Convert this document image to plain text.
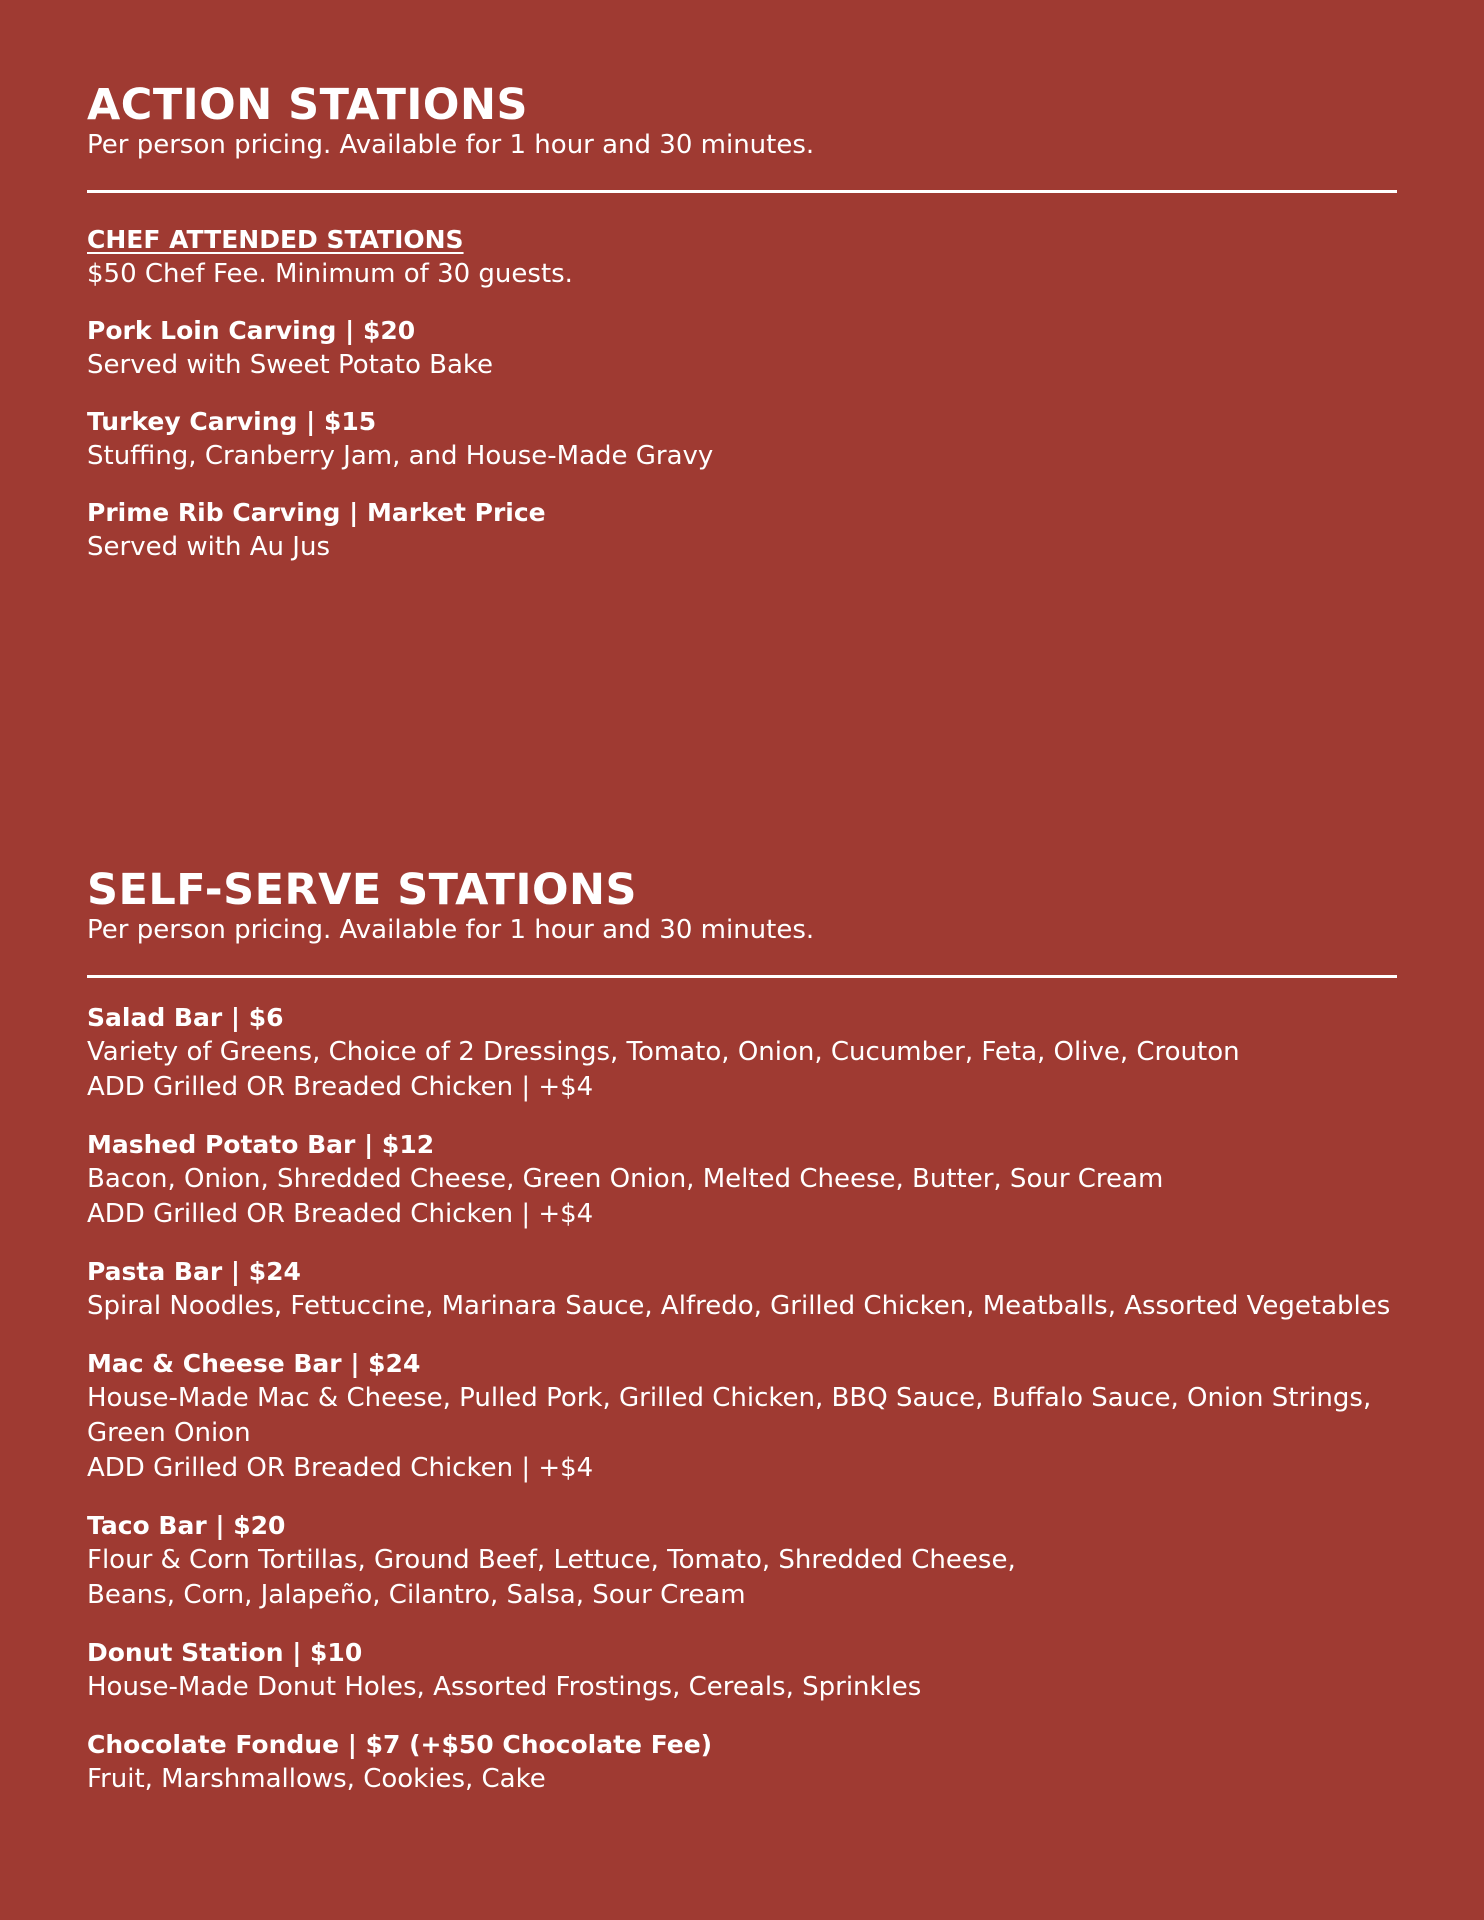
ACTION STATIONS

Per person pricing. Available for 1 hour and 30 minutes.

CHEF ATTENDED STATIONS

$50 Chef Fee. Minimum of 30 guests.

Pork Loin Carving | $20

Served with Sweet Potato Bake

Turkey Carving | $15

Stuffing, Cranberry Jam, and House-Made Gravy

Prime Rib Carving | Market Price

Served with Au Jus

SELF-SERVE STATIONS

Per person pricing. Available for 1 hour and 30 minutes.

Salad Bar | $6

Variety of Greens, Choice of 2 Dressings, Tomato, Onion, Cucumber, Feta, Olive, Crouton

ADD Grilled OR Breaded Chicken | +$4

Mashed Potato Bar | $12

Bacon, Onion, Shredded Cheese, Green Onion, Melted Cheese, Butter, Sour Cream

ADD Grilled OR Breaded Chicken | +$4

Pasta Bar | $24

Spiral Noodles, Fettuccine, Marinara Sauce, Alfredo, Grilled Chicken, Meatballs, Assorted Vegetables

Mac & Cheese Bar | $24

House-Made Mac & Cheese, Pulled Pork, Grilled Chicken, BBQ Sauce, Buffalo Sauce, Onion Strings,

Green Onion

ADD Grilled OR Breaded Chicken | +$4

Taco Bar | $20

Flour & Corn Tortillas, Ground Beef, Lettuce, Tomato, Shredded Cheese,

Beans, Corn, Jalapeño, Cilantro, Salsa, Sour Cream

Donut Station | $10

House-Made Donut Holes, Assorted Frostings, Cereals, Sprinkles

Chocolate Fondue | $7 (+$50 Chocolate Fee)

Fruit, Marshmallows, Cookies, Cake
